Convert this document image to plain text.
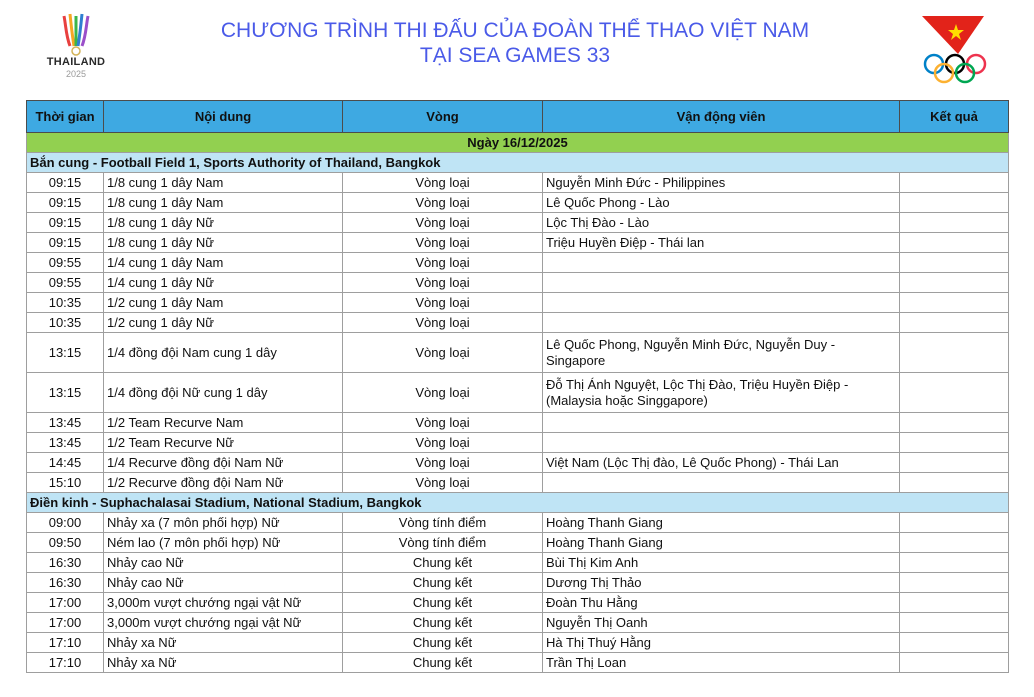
THAILAND
2025
CHƯƠNG TRÌNH THI ĐẤU CỦA ĐOÀN THỂ THAO VIỆT NAM
TẠI SEA GAMES 33
Thời gian	Nội dung	Vòng	Vận động viên	Kết quả
Ngày 16/12/2025				
Bắn cung - Football Field 1, Sports Authority of Thailand, Bangkok				
09:15	1/8 cung 1 dây Nam	Vòng loại	Nguyễn Minh Đức - Philippines	
09:15	1/8 cung 1 dây Nam	Vòng loại	Lê Quốc Phong - Lào	
09:15	1/8 cung 1 dây Nữ	Vòng loại	Lộc Thị Đào - Lào	
09:15	1/8 cung 1 dây Nữ	Vòng loại	Triệu Huyền Điệp - Thái lan	
09:55	1/4 cung 1 dây Nam	Vòng loại		
09:55	1/4 cung 1 dây Nữ	Vòng loại		
10:35	1/2 cung 1 dây Nam	Vòng loại		
10:35	1/2 cung 1 dây Nữ	Vòng loại		
13:15	1/4 đồng đội Nam cung 1 dây	Vòng loại	Lê Quốc Phong, Nguyễn Minh Đức, Nguyễn Duy - Singapore	
13:15	1/4 đồng đội Nữ cung 1 dây	Vòng loại	Đỗ Thị Ánh Nguyệt, Lộc Thị Đào, Triệu Huyền Điệp - (Malaysia hoặc Singgapore)	
13:45	1/2 Team Recurve Nam	Vòng loại		
13:45	1/2 Team Recurve Nữ	Vòng loại		
14:45	1/4 Recurve đồng đội Nam Nữ	Vòng loại	Việt Nam (Lộc Thị đào, Lê Quốc Phong) - Thái Lan	
15:10	1/2 Recurve đồng đội Nam Nữ	Vòng loại		
Điền kinh - Suphachalasai Stadium, National Stadium, Bangkok				
09:00	Nhảy xa (7 môn phối hợp) Nữ	Vòng tính điểm	Hoàng Thanh Giang	
09:50	Ném lao (7 môn phối hợp) Nữ	Vòng tính điểm	Hoàng Thanh Giang	
16:30	Nhảy cao Nữ	Chung kết	Bùi Thị Kim Anh	
16:30	Nhảy cao Nữ	Chung kết	Dương Thị Thảo	
17:00	3,000m vượt chướng ngại vật Nữ	Chung kết	Đoàn Thu Hằng	
17:00	3,000m vượt chướng ngại vật Nữ	Chung kết	Nguyễn Thị Oanh	
17:10	Nhảy xa Nữ	Chung kết	Hà Thị Thuý Hằng	
17:10	Nhảy xa Nữ	Chung kết	Trần Thị Loan	
